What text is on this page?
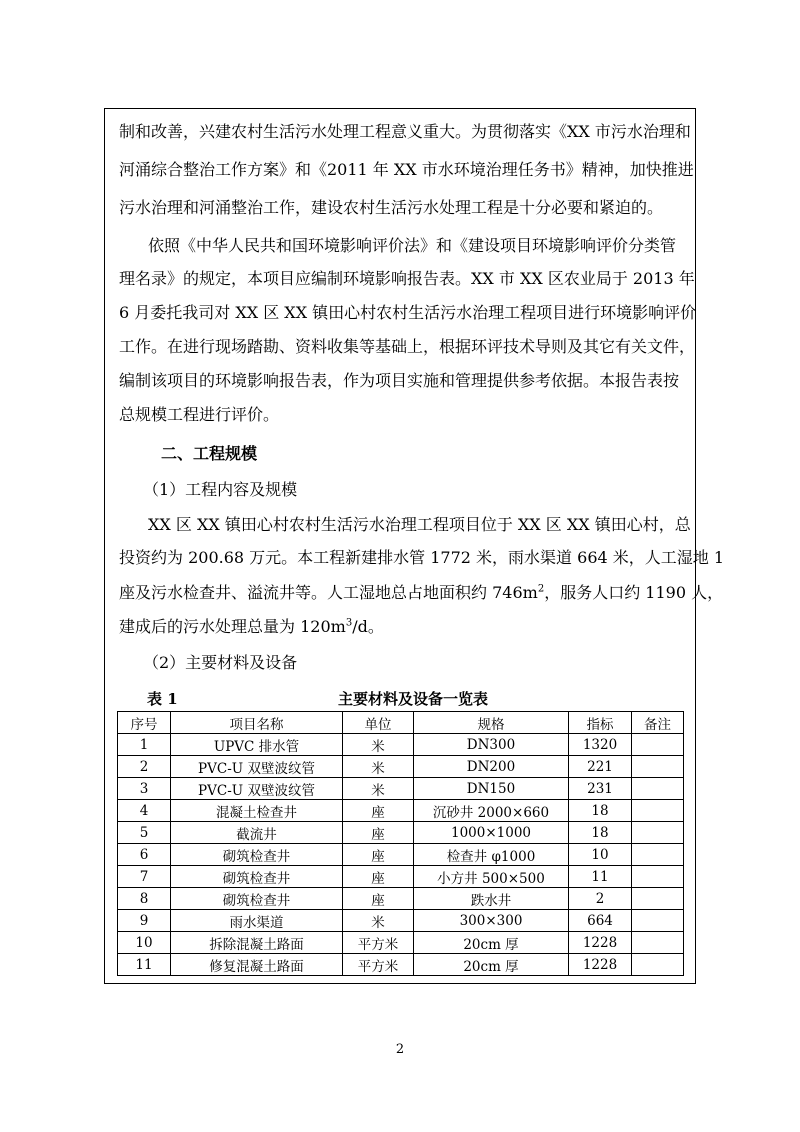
制和改善，兴建农村生活污水处理工程意义重大。为贯彻落实《XX 市污水治理和
河涌综合整治工作方案》和《2011 年 XX 市水环境治理任务书》精神，加快推进
污水治理和河涌整治工作，建设农村生活污水处理工程是十分必要和紧迫的。
依照《中华人民共和国环境影响评价法》和《建设项目环境影响评价分类管
理名录》的规定，本项目应编制环境影响报告表。XX 市 XX 区农业局于 2013 年
6 月委托我司对 XX 区 XX 镇田心村农村生活污水治理工程项目进行环境影响评价
工作。在进行现场踏勘、资料收集等基础上，根据环评技术导则及其它有关文件，
编制该项目的环境影响报告表，作为项目实施和管理提供参考依据。本报告表按
总规模工程进行评价。
二、工程规模
（1）工程内容及规模
XX 区 XX 镇田心村农村生活污水治理工程项目位于 XX 区 XX 镇田心村，总
投资约为 200.68 万元。本工程新建排水管 1772 米，雨水渠道 664 米，人工湿地 1
座及污水检查井、溢流井等。人工湿地总占地面积约 $746m^2$，服务人口约 1190 人，
建成后的污水处理总量为 $120m^3/d$。
（2）主要材料及设备
表 1	主要材料及设备一览表
序号	项目名称	单位	规格	指标	备注
1	UPVC 排水管	米	DN300	1320	
2	PVC-U 双壁波纹管	米	DN200	221	
3	PVC-U 双壁波纹管	米	DN150	231	
4	混凝土检查井	座	沉砂井 2000×660	18	
5	截流井	座	1000×1000	18	
6	砌筑检查井	座	检查井 φ1000	10	
7	砌筑检查井	座	小方井 500×500	11	
8	砌筑检查井	座	跌水井	2	
9	雨水渠道	米	300×300	664	
10	拆除混凝土路面	平方米	20cm 厚	1228	
11	修复混凝土路面	平方米	20cm 厚	1228	
2
